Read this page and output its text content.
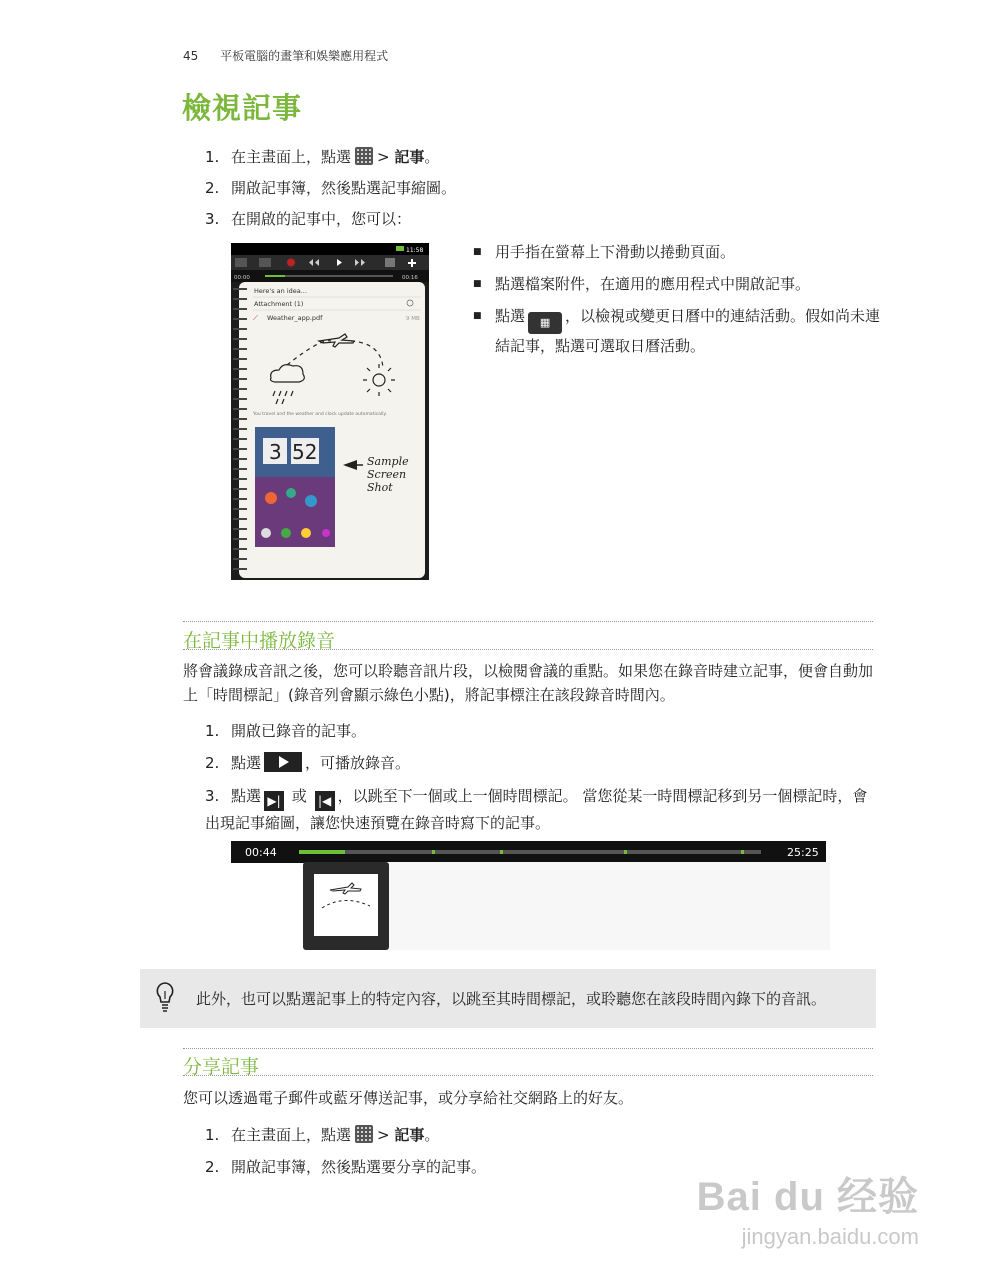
45 平板電腦的畫筆和娛樂應用程式
檢視記事
1. 在主畫面上，點選 > 記事。
2. 開啟記事簿，然後點選記事縮圖。
3. 在開啟的記事中，您可以：
11:58
00:00	00:16
Here's an idea...
Attachment (1)
⟋ Weather_app.pdf	9 MB
You travel and the weather and clock update automatically.
3 52	Sample Screen Shot
■ 用手指在螢幕上下滑動以捲動頁面。
■ 點選檔案附件，在適用的應用程式中開啟記事。
■ 點選 ▦ ，以檢視或變更日曆中的連結活動。假如尚未連結記事，點選可選取日曆活動。
在記事中播放錄音
將會議錄成音訊之後，您可以聆聽音訊片段，以檢閱會議的重點。如果您在錄音時建立記事，便會自動加上「時間標記」(錄音列會顯示綠色小點)，將記事標注在該段錄音時間內。
1. 開啟已錄音的記事。
2. 點選	，可播放錄音。
3. 點選 ▶| 或 |◀ ，以跳至下一個或上一個時間標記。 當您從某一時間標記移到另一個標記時，會出現記事縮圖，讓您快速預覽在錄音時寫下的記事。
00:44	25:25
此外，也可以點選記事上的特定內容，以跳至其時間標記，或聆聽您在該段時間內錄下的音訊。
分享記事
您可以透過電子郵件或藍牙傳送記事，或分享給社交網路上的好友。
1. 在主畫面上，點選 > 記事。
2. 開啟記事簿，然後點選要分享的記事。
Bai du 经验
jingyan.baidu.com
